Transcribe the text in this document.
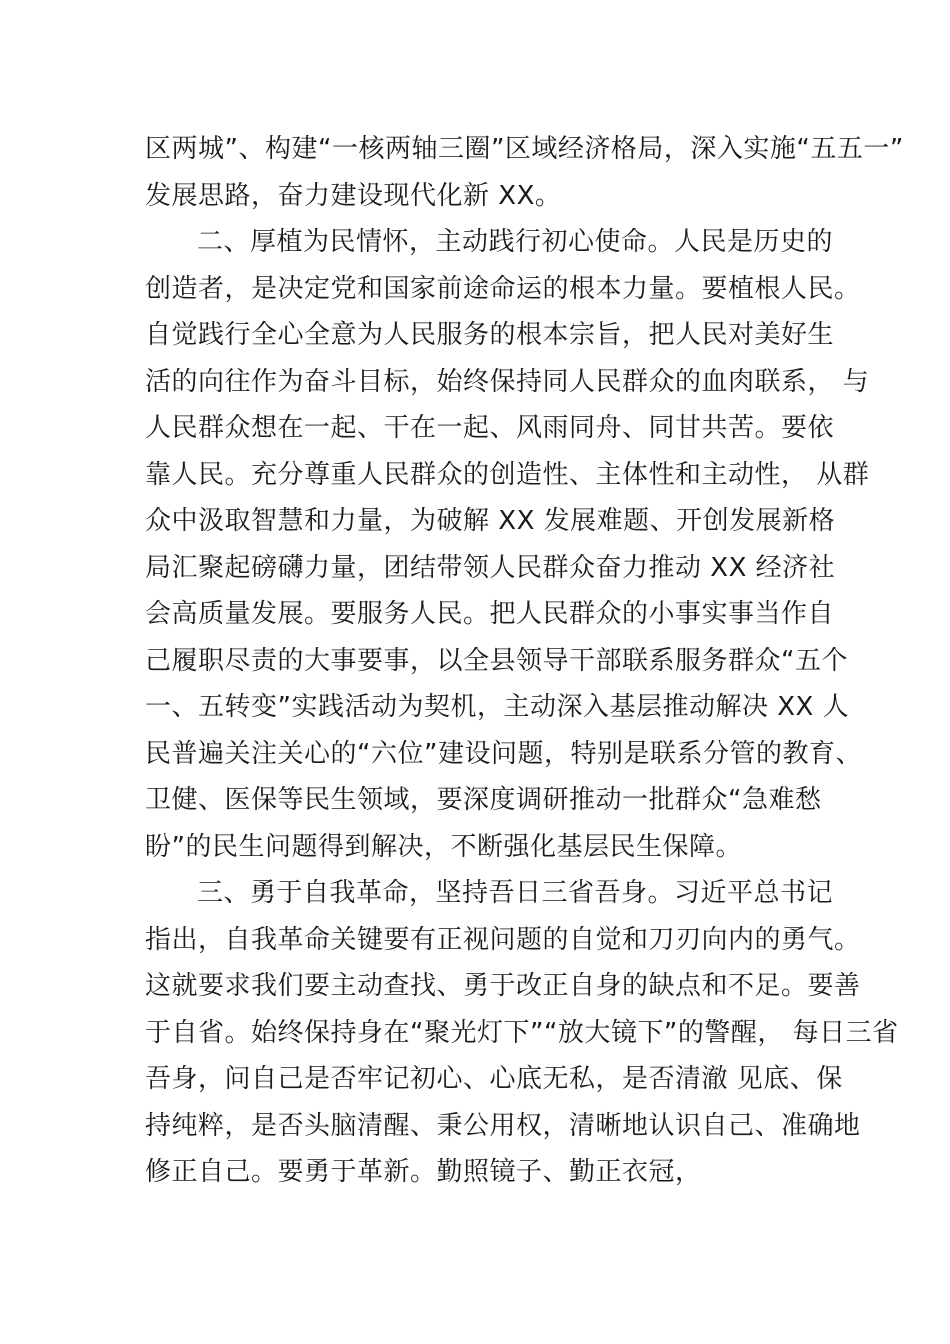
区两城”、构建“一核两轴三圈”区域经济格局，深入实施“五五一”
发展思路，奋力建设现代化新 XX。
二、厚植为民情怀，主动践行初心使命。人民是历史的
创造者，是决定党和国家前途命运的根本力量。要植根人民。
自觉践行全心全意为人民服务的根本宗旨，把人民对美好生
活的向往作为奋斗目标，始终保持同人民群众的血肉联系， 与
人民群众想在一起、干在一起、风雨同舟、同甘共苦。要依
靠人民。充分尊重人民群众的创造性、主体性和主动性， 从群
众中汲取智慧和力量，为破解 XX 发展难题、开创发展新格
局汇聚起磅礴力量，团结带领人民群众奋力推动 XX 经济社
会高质量发展。要服务人民。把人民群众的小事实事当作自
己履职尽责的大事要事，以全县领导干部联系服务群众“五个
一、五转变”实践活动为契机，主动深入基层推动解决 XX 人
民普遍关注关心的“六位”建设问题，特别是联系分管的教育、
卫健、医保等民生领域，要深度调研推动一批群众“急难愁
盼”的民生问题得到解决，不断强化基层民生保障。
三、勇于自我革命，坚持吾日三省吾身。习近平总书记
指出，自我革命关键要有正视问题的自觉和刀刃向内的勇气。
这就要求我们要主动查找、勇于改正自身的缺点和不足。要善
于自省。始终保持身在“聚光灯下”“放大镜下”的警醒， 每日三省
吾身，问自己是否牢记初心、心底无私，是否清澈 见底、保
持纯粹，是否头脑清醒、秉公用权，清晰地认识自己、准确地
修正自己。要勇于革新。勤照镜子、勤正衣冠，
